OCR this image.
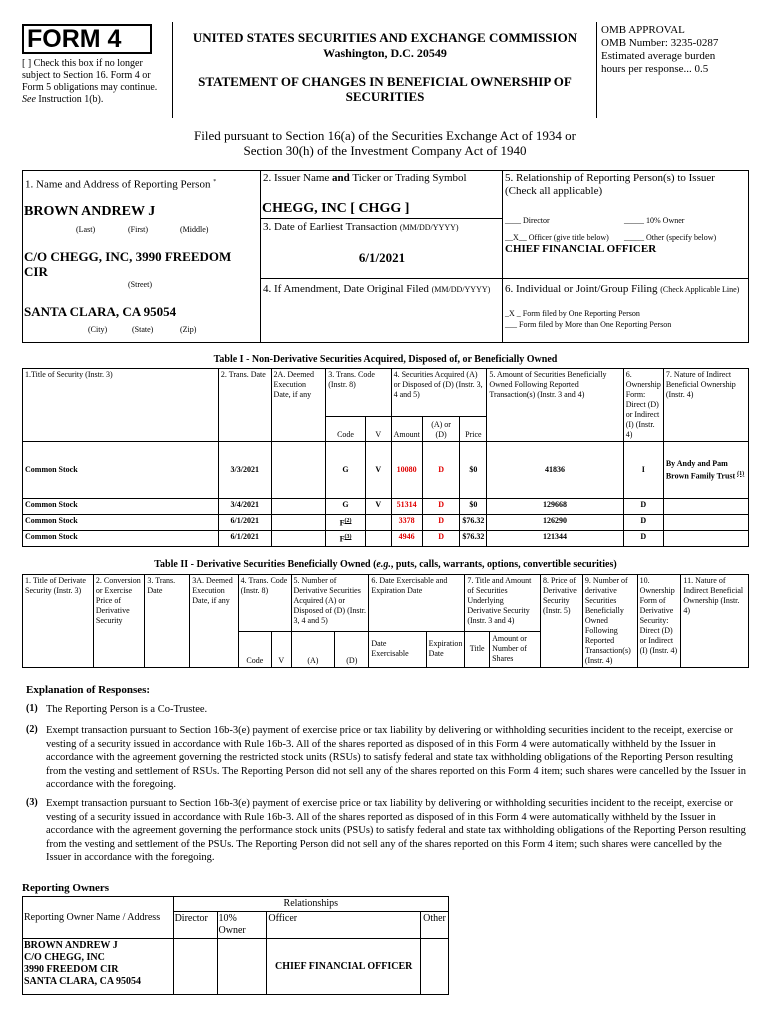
FORM 4
[ ] Check this box if no longer subject to Section 16. Form 4 or Form 5 obligations may continue. See Instruction 1(b).
UNITED STATES SECURITIES AND EXCHANGE COMMISSION
Washington, D.C. 20549
STATEMENT OF CHANGES IN BENEFICIAL OWNERSHIP OF SECURITIES
OMB APPROVAL
OMB Number: 3235-0287
Estimated average burden
hours per response... 0.5
Filed pursuant to Section 16(a) of the Securities Exchange Act of 1934 or
Section 30(h) of the Investment Company Act of 1940
1. Name and Address of Reporting Person *
BROWN ANDREW J
(Last)	(First)	(Middle)
C/O CHEGG, INC, 3990 FREEDOM CIR
(Street)
SANTA CLARA, CA 95054
(City)	(State)	(Zip)
2. Issuer Name and Ticker or Trading Symbol
CHEGG, INC [ CHGG ]
3. Date of Earliest Transaction (MM/DD/YYYY)
6/1/2021
4. If Amendment, Date Original Filed (MM/DD/YYYY)
5. Relationship of Reporting Person(s) to Issuer (Check all applicable)
____ Director	_____ 10% Owner
__X__ Officer (give title below) _____ Other (specify below)
CHIEF FINANCIAL OFFICER
6. Individual or Joint/Group Filing (Check Applicable Line)
_X _ Form filed by One Reporting Person
___ Form filed by More than One Reporting Person
Table I - Non-Derivative Securities Acquired, Disposed of, or Beneficially Owned
1.Title of Security (Instr. 3)	2. Trans. Date	2A. Deemed Execution Date, if any	3. Trans. Code (Instr. 8)		4. Securities Acquired (A) or Disposed of (D) (Instr. 3, 4 and 5)			5. Amount of Securities Beneficially Owned Following Reported Transaction(s) (Instr. 3 and 4)	6. Ownership Form: Direct (D) or Indirect (I) (Instr. 4)	7. Nature of Indirect Beneficial Ownership (Instr. 4)
			Code	V	Amount	(A) or (D)	Price			
Common Stock	3/3/2021		G	V	10080	D	$0	41836	I	By Andy and Pam Brown Family Trust $^{(1)}$
Common Stock	3/4/2021		G	V	51314	D	$0	129668	D	
Common Stock	6/1/2021		$F^{(2)}$		3378	D	$76.32	126290	D	
Common Stock	6/1/2021		$F^{(3)}$		4946	D	$76.32	121344	D	
Table II - Derivative Securities Beneficially Owned (e.g., puts, calls, warrants, options, convertible securities)
1. Title of Derivate Security (Instr. 3)	2. Conversion or Exercise Price of Derivative Security	3. Trans. Date	3A. Deemed Execution Date, if any	4. Trans. Code (Instr. 8)		5. Number of Derivative Securities Acquired (A) or Disposed of (D) (Instr. 3, 4 and 5)		6. Date Exercisable and Expiration Date		7. Title and Amount of Securities Underlying Derivative Security (Instr. 3 and 4)		8. Price of Derivative Security (Instr. 5)	9. Number of derivative Securities Beneficially Owned Following Reported Transaction(s) (Instr. 4)	10. Ownership Form of Derivative Security: Direct (D) or Indirect (I) (Instr. 4)	11. Nature of Indirect Beneficial Ownership (Instr. 4)
				Code	V	(A)	(D)	Date Exercisable	Expiration Date	Title	Amount or Number of Shares				
Explanation of Responses:
(1) The Reporting Person is a Co-Trustee.
(2) Exempt transaction pursuant to Section 16b-3(e) payment of exercise price or tax liability by delivering or withholding securities incident to the receipt, exercise or vesting of a security issued in accordance with Rule 16b-3. All of the shares reported as disposed of in this Form 4 were automatically withheld by the Issuer in accordance with the agreement governing the restricted stock units (RSUs) to satisfy federal and state tax withholding obligations of the Reporting Person resulting from the vesting and settlement of RSUs. The Reporting Person did not sell any of the shares reported on this Form 4 item; such shares were cancelled by the Issuer in accordance with the foregoing.
(3) Exempt transaction pursuant to Section 16b-3(e) payment of exercise price or tax liability by delivering or withholding securities incident to the receipt, exercise or vesting of a security issued in accordance with Rule 16b-3. All of the shares reported as disposed of in this Form 4 were automatically withheld by the Issuer in accordance with the agreement governing the performance stock units (PSUs) to satisfy federal and state tax withholding obligations of the Reporting Person resulting from the vesting and settlement of the PSUs. The Reporting Person did not sell any of the shares reported on this Form 4 item; such shares were cancelled by the Issuer in accordance with the foregoing.
Reporting Owners
Reporting Owner Name / Address	Relationships			
	Director	10% Owner	Officer	Other

BROWN ANDREW J
C/O CHEGG, INC
3990 FREEDOM CIR
SANTA CLARA, CA 95054			CHIEF FINANCIAL OFFICER	
